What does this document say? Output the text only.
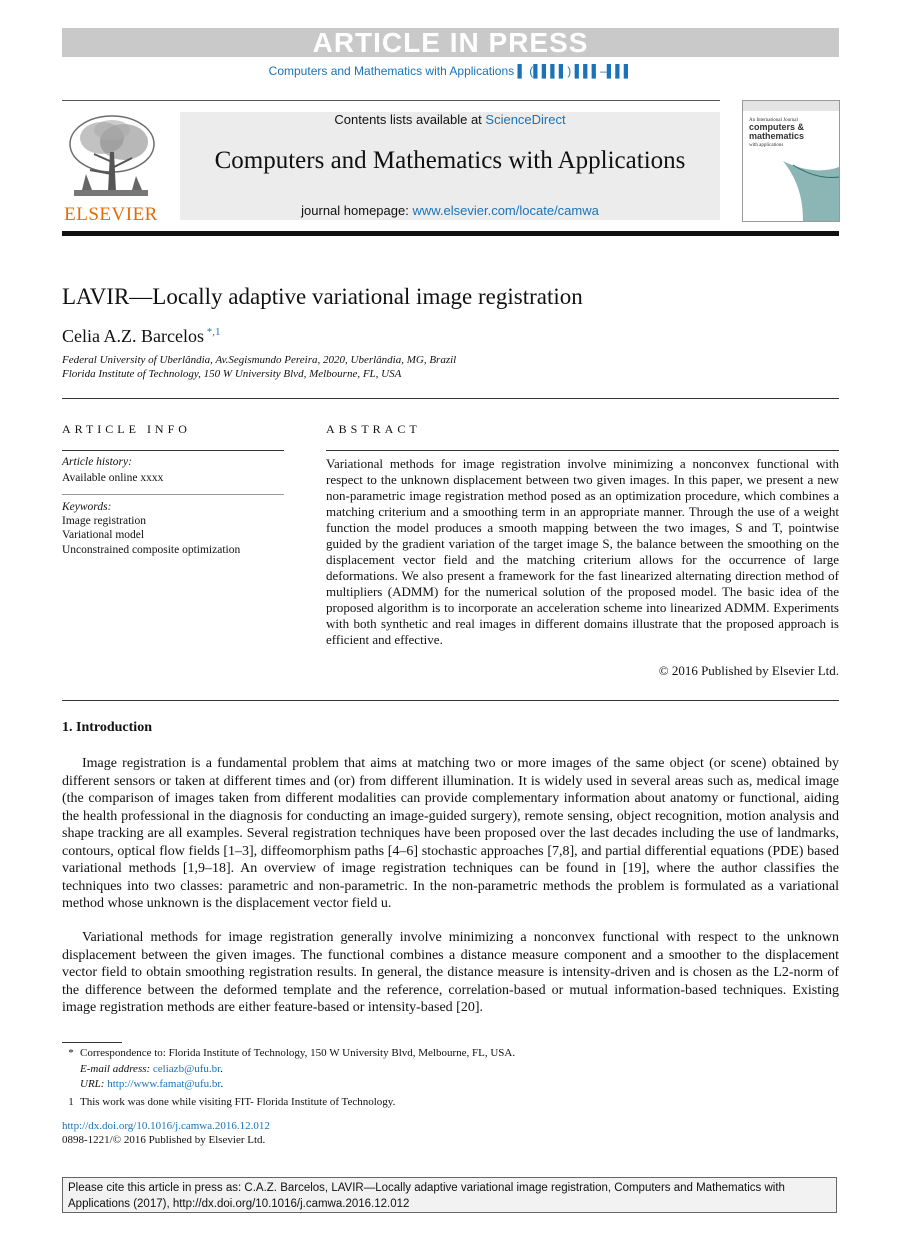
ARTICLE IN PRESS
Computers and Mathematics with Applications ▌ (▌▌▌▌) ▌▌▌–▌▌▌
ELSEVIER
Contents lists available at ScienceDirect
Computers and Mathematics with Applications
journal homepage: www.elsevier.com/locate/camwa
An International Journal
computers &
mathematics
with applications
LAVIR—Locally adaptive variational image registration
Celia A.Z. Barcelos $^{*,1}$
Federal University of Uberlândia, Av.Segismundo Pereira, 2020, Uberlândia, MG, Brazil
Florida Institute of Technology, 150 W University Blvd, Melbourne, FL, USA
ARTICLE INFO	ABSTRACT
Article history:
Available online xxxx
Keywords:
Image registration
Variational model
Unconstrained composite optimization
Variational methods for image registration involve minimizing a nonconvex functional with respect to the unknown displacement between two given images. In this paper, we present a new non-parametric image registration method posed as an optimization procedure, which combines a matching criterium and a smoothing term in an appropriate manner. Through the use of a weight function the model produces a smooth mapping between the two images, S and T, pointwise guided by the gradient variation of the target image S, the balance between the smoothing on the displacement vector field and the matching criterium allows for the occurrence of large deformations. We also present a framework for the fast linearized alternating direction method of multipliers (ADMM) for the numerical solution of the proposed model. The basic idea of the proposed algorithm is to incorporate an acceleration scheme into linearized ADMM. Experiments with both synthetic and real images in different domains illustrate that the proposed approach is efficient and effective.
© 2016 Published by Elsevier Ltd.
1. Introduction
Image registration is a fundamental problem that aims at matching two or more images of the same object (or scene) obtained by different sensors or taken at different times and (or) from different illumination. It is widely used in several areas such as, medical image (the comparison of images taken from different modalities can provide complementary information about anatomy or functional, aiding the health professional in the diagnosis for conducting an image-guided surgery), remote sensing, object recognition, motion analysis and shape tracking are all examples. Several registration techniques have been proposed over the last decades including the use of landmarks, contours, optical flow fields [1–3], diffeomorphism paths [4–6] stochastic approaches [7,8], and partial differential equations (PDE) based variational methods [1,9–18]. An overview of image registration techniques can be found in [19], where the author classifies the techniques into two classes: parametric and non-parametric. In the non-parametric methods the problem is formulated as a variational method whose unknown is the displacement vector field u.
Variational methods for image registration generally involve minimizing a nonconvex functional with respect to the unknown displacement between the given images. The functional combines a distance measure component and a smoother to the displacement vector field to obtain smoothing registration results. In general, the distance measure is intensity-driven and is chosen as the L2-norm of the difference between the deformed template and the reference, correlation-based or mutual information-based techniques. Existing image registration methods are either feature-based or intensity-based [20].
* Correspondence to: Florida Institute of Technology, 150 W University Blvd, Melbourne, FL, USA.
E-mail address: celiazb@ufu.br.
URL: http://www.famat@ufu.br.
1 This work was done while visiting FIT- Florida Institute of Technology.
http://dx.doi.org/10.1016/j.camwa.2016.12.012
0898-1221/© 2016 Published by Elsevier Ltd.
Please cite this article in press as: C.A.Z. Barcelos, LAVIR—Locally adaptive variational image registration, Computers and Mathematics with Applications (2017), http://dx.doi.org/10.1016/j.camwa.2016.12.012
